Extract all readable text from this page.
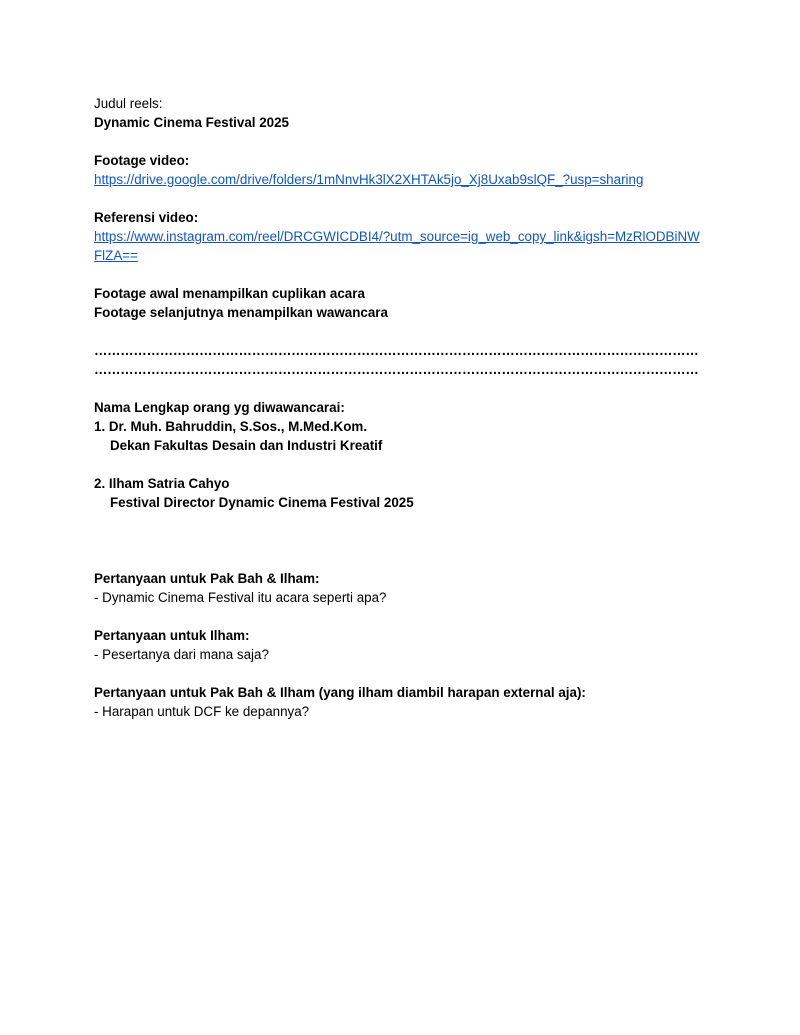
Judul reels:
Dynamic Cinema Festival 2025
Footage video:
https://drive.google.com/drive/folders/1mNnvHk3lX2XHTAk5jo_Xj8Uxab9slQF_?usp=sharing
Referensi video:
https://www.instagram.com/reel/DRCGWICDBI4/?utm_source=ig_web_copy_link&igsh=MzRlODBiNWFlZA==
Footage awal menampilkan cuplikan acara
Footage selanjutnya menampilkan wawancara
…………………………………………………………………………………………………………………………
…………………………………………………………………………………………………………………………
Nama Lengkap orang yg diwawancarai:
1. Dr. Muh. Bahruddin, S.Sos., M.Med.Kom.
Dekan Fakultas Desain dan Industri Kreatif
2. Ilham Satria Cahyo
Festival Director Dynamic Cinema Festival 2025
Pertanyaan untuk Pak Bah & Ilham:
- Dynamic Cinema Festival itu acara seperti apa?
Pertanyaan untuk Ilham:
- Pesertanya dari mana saja?
Pertanyaan untuk Pak Bah & Ilham (yang ilham diambil harapan external aja):
- Harapan untuk DCF ke depannya?
